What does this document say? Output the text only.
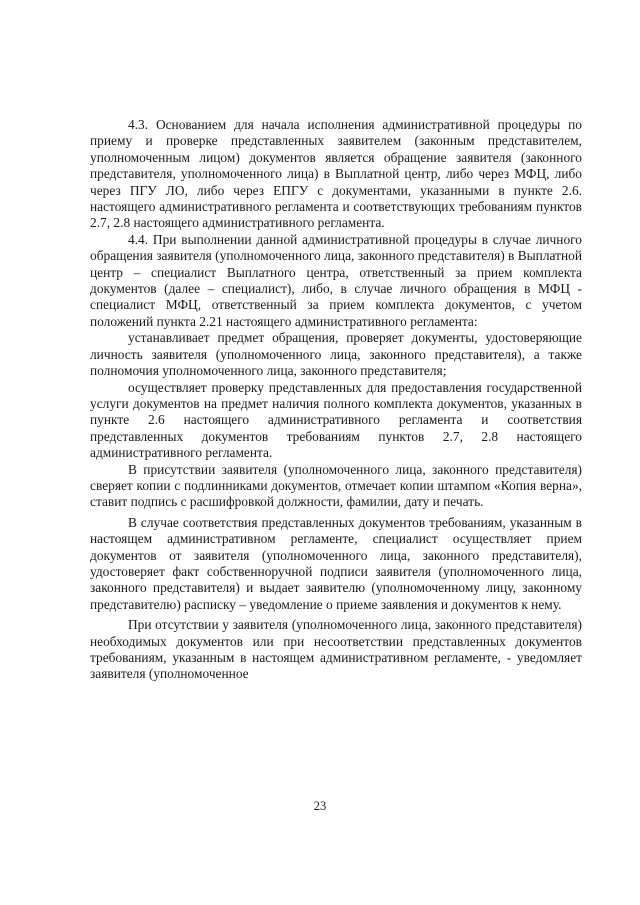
4.3. Основанием для начала исполнения административной процедуры по приему и проверке представленных заявителем (законным представителем, уполномоченным лицом) документов является обращение заявителя (законного представителя, уполномоченного лица) в Выплатной центр, либо через МФЦ, либо через ПГУ ЛО, либо через ЕПГУ с документами, указанными в пункте 2.6. настоящего административного регламента и соответствующих требованиям пунктов 2.7, 2.8 настоящего административного регламента.

4.4. При выполнении данной административной процедуры в случае личного обращения заявителя (уполномоченного лица, законного представителя) в Выплатной центр – специалист Выплатного центра, ответственный за прием комплекта документов (далее – специалист), либо, в случае личного обращения в МФЦ - специалист МФЦ, ответственный за прием комплекта документов, с учетом положений пункта 2.21 настоящего административного регламента:

устанавливает предмет обращения, проверяет документы, удостоверяющие личность заявителя (уполномоченного лица, законного представителя), а также полномочия уполномоченного лица, законного представителя;

осуществляет проверку представленных для предоставления государственной услуги документов на предмет наличия полного комплекта документов, указанных в пункте 2.6 настоящего административного регламента и соответствия представленных документов требованиям пунктов 2.7, 2.8 настоящего административного регламента.

В присутствии заявителя (уполномоченного лица, законного представителя) сверяет копии с подлинниками документов, отмечает копии штампом «Копия верна», ставит подпись с расшифровкой должности, фамилии, дату и печать.

В случае соответствия представленных документов требованиям, указанным в настоящем административном регламенте, специалист осуществляет прием документов от заявителя (уполномоченного лица, законного представителя), удостоверяет факт собственноручной подписи заявителя (уполномоченного лица, законного представителя) и выдает заявителю (уполномоченному лицу, законному представителю) расписку – уведомление о приеме заявления и документов к нему.

При отсутствии у заявителя (уполномоченного лица, законного представителя) необходимых документов или при несоответствии представленных документов требованиям, указанным в настоящем административном регламенте, - уведомляет заявителя (уполномоченное

23
